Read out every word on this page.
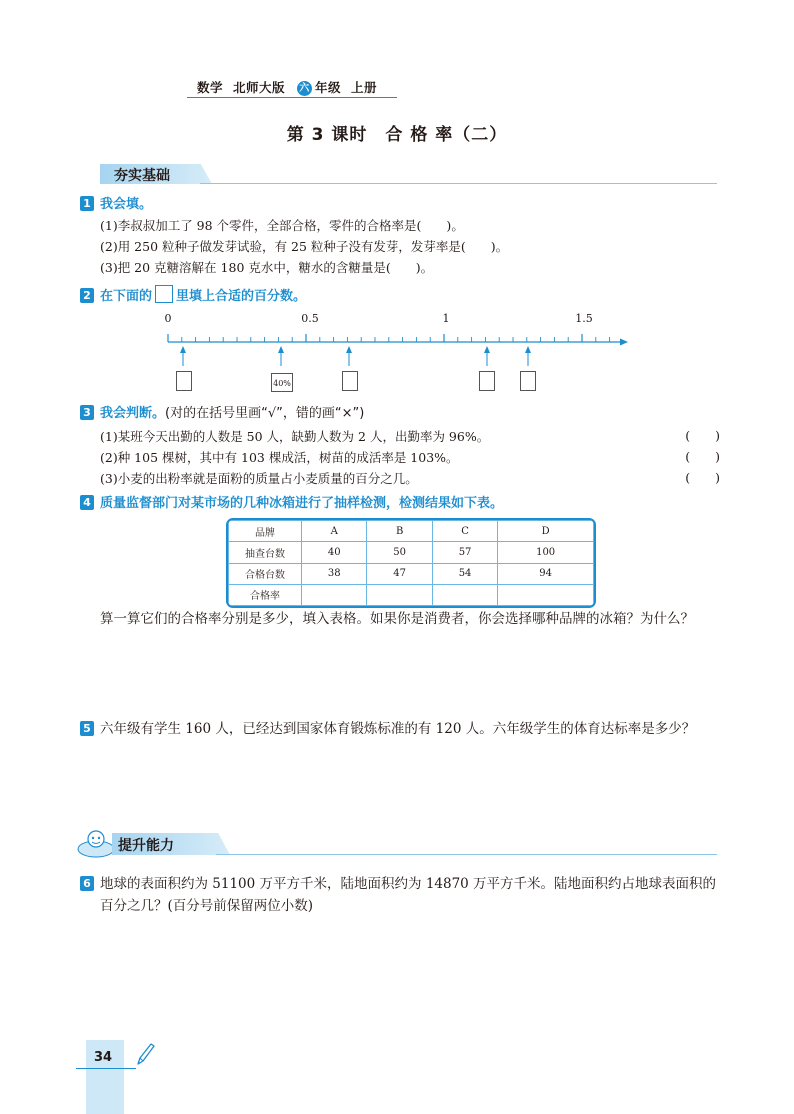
数学 北师大版 六 年级 上册
第 3 课时　合 格 率（二）
夯实基础
1 我会填。
(1)李叔叔加工了 98 个零件，全部合格，零件的合格率是(　　)。
(2)用 250 粒种子做发芽试验，有 25 粒种子没有发芽，发芽率是(　　)。
(3)把 20 克糖溶解在 180 克水中，糖水的含糖量是(　　)。
2 在下面的 里填上合适的百分数。
0	0.5	1	1.5
40%
3 我会判断。(对的在括号里画“√”，错的画“×”)
(1)某班今天出勤的人数是 50 人，缺勤人数为 2 人，出勤率为 96%。	(　　)
(2)种 105 棵树，其中有 103 棵成活，树苗的成活率是 103%。	(　　)
(3)小麦的出粉率就是面粉的质量占小麦质量的百分之几。	(　　)
4 质量监督部门对某市场的几种冰箱进行了抽样检测，检测结果如下表。
品牌	A	B	C	D
抽查台数	40	50	57	100
合格台数	38	47	54	94
合格率				
算一算它们的合格率分别是多少，填入表格。如果你是消费者，你会选择哪种品牌的冰箱？为什么？
5 六年级有学生 160 人，已经达到国家体育锻炼标准的有 120 人。六年级学生的体育达标率是多少？
提升能力
6 地球的表面积约为 51100 万平方千米，陆地面积约为 14870 万平方千米。陆地面积约占地球表面积的百分之几？(百分号前保留两位小数)
34
